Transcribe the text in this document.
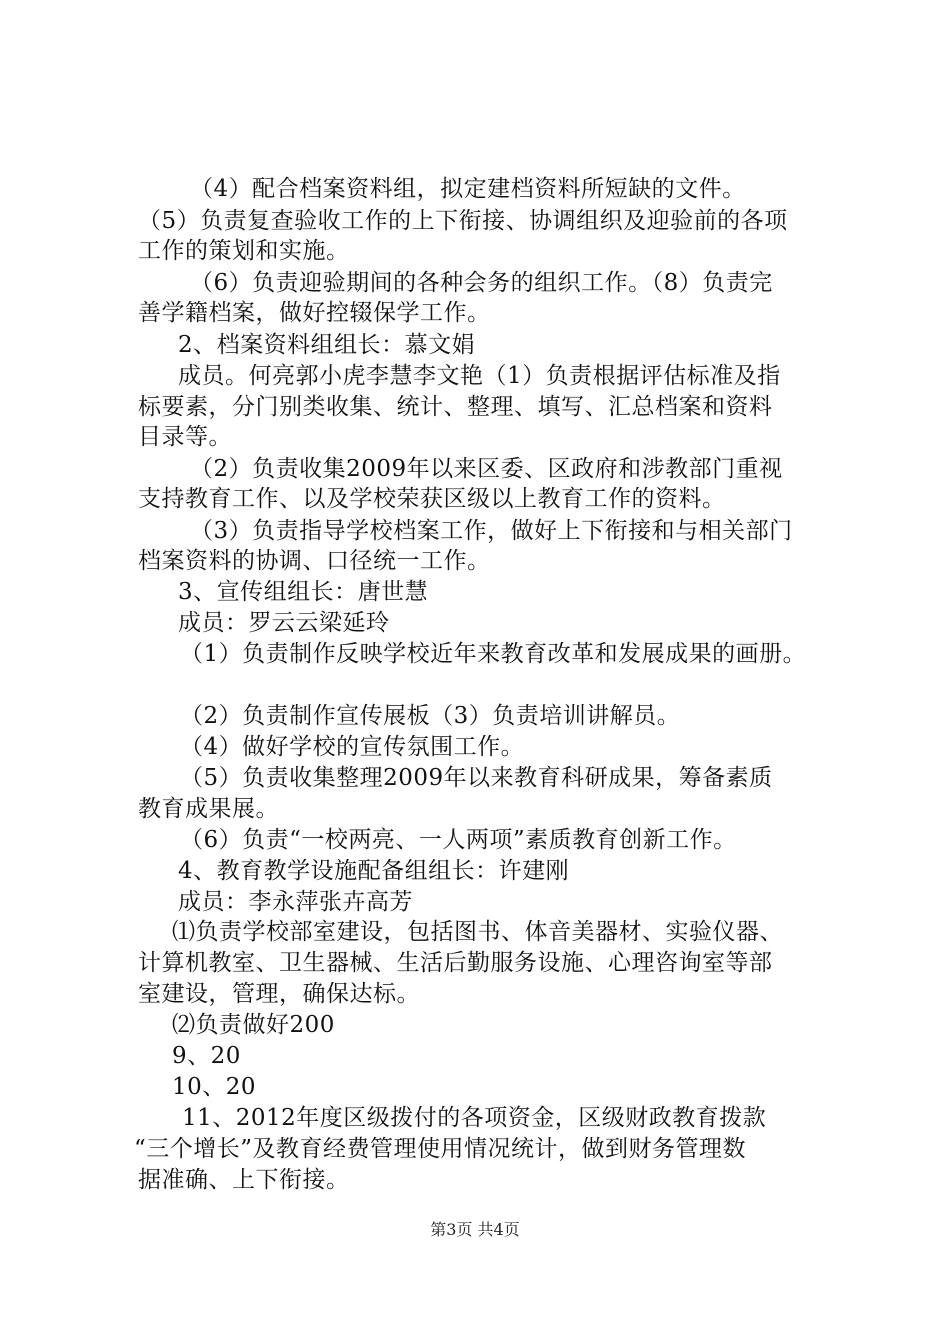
（4）配合档案资料组，拟定建档资料所短缺的文件。
（5）负责复查验收工作的上下衔接、协调组织及迎验前的各项
工作的策划和实施。
（6）负责迎验期间的各种会务的组织工作。（8）负责完
善学籍档案，做好控辍保学工作。
2、档案资料组组长：慕文娟
成员。何亮郭小虎李慧李文艳（1）负责根据评估标准及指
标要素，分门别类收集、统计、整理、填写、汇总档案和资料
目录等。
（2）负责收集2009年以来区委、区政府和涉教部门重视
支持教育工作、以及学校荣获区级以上教育工作的资料。
（3）负责指导学校档案工作，做好上下衔接和与相关部门
档案资料的协调、口径统一工作。
3、宣传组组长：唐世慧
成员：罗云云梁延玲
（1）负责制作反映学校近年来教育改革和发展成果的画册。
（2）负责制作宣传展板（3）负责培训讲解员。
（4）做好学校的宣传氛围工作。
（5）负责收集整理2009年以来教育科研成果，筹备素质
教育成果展。
（6）负责“一校两亮、一人两项”素质教育创新工作。
4、教育教学设施配备组组长：许建刚
成员：李永萍张卉高芳
⑴负责学校部室建设，包括图书、体音美器材、实验仪器、
计算机教室、卫生器械、生活后勤服务设施、心理咨询室等部
室建设，管理，确保达标。
⑵负责做好200
9、20
10、20
11、2012年度区级拨付的各项资金，区级财政教育拨款
“三个增长”及教育经费管理使用情况统计，做到财务管理数
据准确、上下衔接。
第3页 共4页
